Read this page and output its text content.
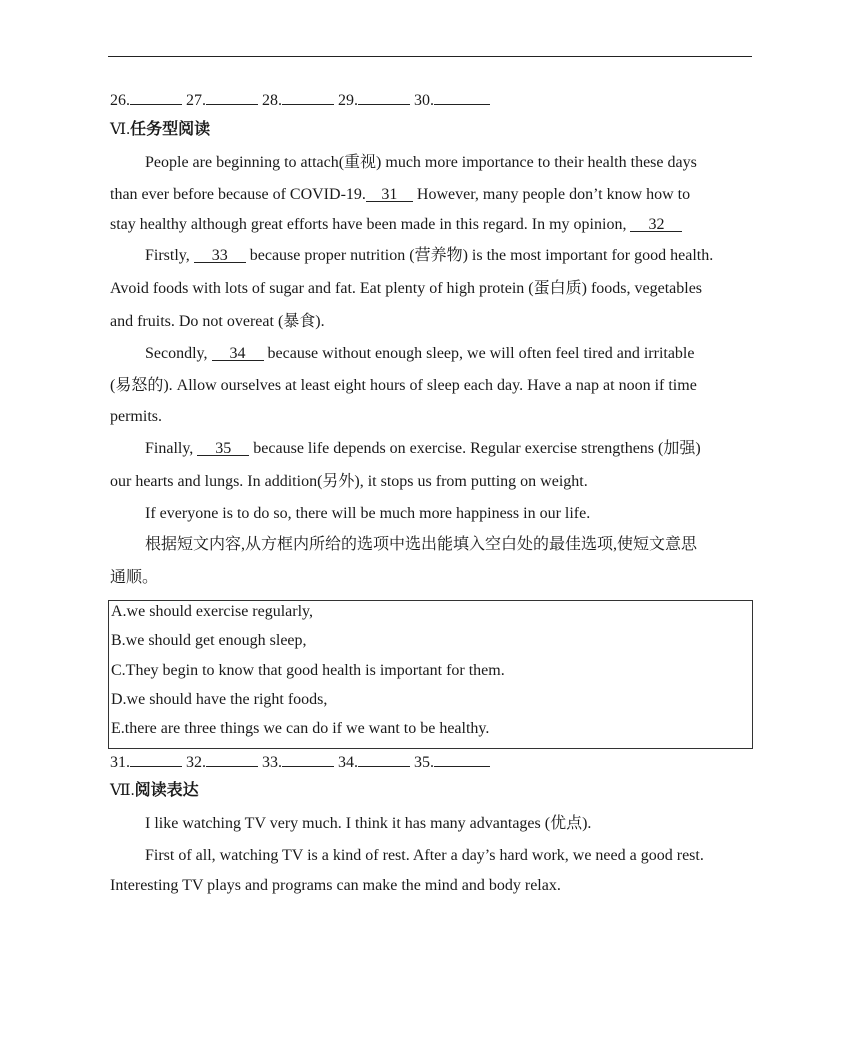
26.	27.	28.	29.	30.
Ⅵ.任务型阅读
People are beginning to attach(重视) much more importance to their health these days
than ever before because of COVID-19. 31 However, many people don’t know how to
stay healthy although great efforts have been made in this regard. In my opinion, 32
Firstly, 33 because proper nutrition (营养物) is the most important for good health.
Avoid foods with lots of sugar and fat. Eat plenty of high protein (蛋白质) foods, vegetables
and fruits. Do not overeat (暴食).
Secondly, 34 because without enough sleep, we will often feel tired and irritable
(易怒的). Allow ourselves at least eight hours of sleep each day. Have a nap at noon if time
permits.
Finally, 35 because life depends on exercise. Regular exercise strengthens (加强)
our hearts and lungs. In addition(另外), it stops us from putting on weight.
If everyone is to do so, there will be much more happiness in our life.
根据短文内容,从方框内所给的选项中选出能填入空白处的最佳选项,使短文意思
通顺。
A.we should exercise regularly,
B.we should get enough sleep,
C.They begin to know that good health is important for them.
D.we should have the right foods,
E.there are three things we can do if we want to be healthy.
31.	32.	33.	34.	35.
Ⅶ.阅读表达
I like watching TV very much. I think it has many advantages (优点).
First of all, watching TV is a kind of rest. After a day’s hard work, we need a good rest.
Interesting TV plays and programs can make the mind and body relax.
